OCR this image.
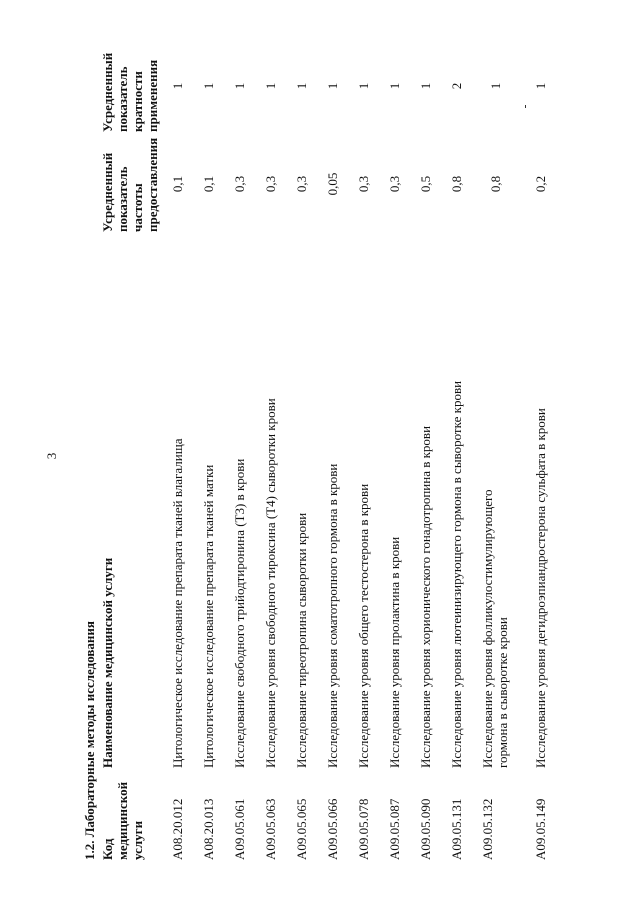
3
1.2. Лабораторные методы исследования Код медицинской услуги
Наименование медицинской услуги
Усредненный показатель частоты предоставления
Усредненный показатель кратности применения
A08.20.012
Цитологическое исследование препарата тканей влагалища
0,1
1
A08.20.013
Цитологическое исследование препарата тканей матки
0,1
1
A09.05.061
Исследование свободного трийодтиронина (Т3) в крови
0,3
1
A09.05.063
Исследование уровня свободного тироксина (Т4) сыворотки крови
0,3
1
A09.05.065
Исследование тиреотропина сыворотки крови
0,3
1
A09.05.066
Исследование уровня соматотропного гормона в крови
0,05
1
A09.05.078
Исследование уровня общего тестостерона в крови
0,3
1
A09.05.087
Исследование уровня пролактина в крови
0,3
1
A09.05.090
Исследование уровня хорионического гонадотропина в крови
0,5
1
A09.05.131
Исследование уровня лютеинизирующего гормона в сыворотке крови
0,8
2
A09.05.132
Исследование уровня фолликулостимулирующего гормона в сыворотке крови
0,8
1
A09.05.149
Исследование уровня дегидроэпиандростерона сульфата в крови
0,2
1
